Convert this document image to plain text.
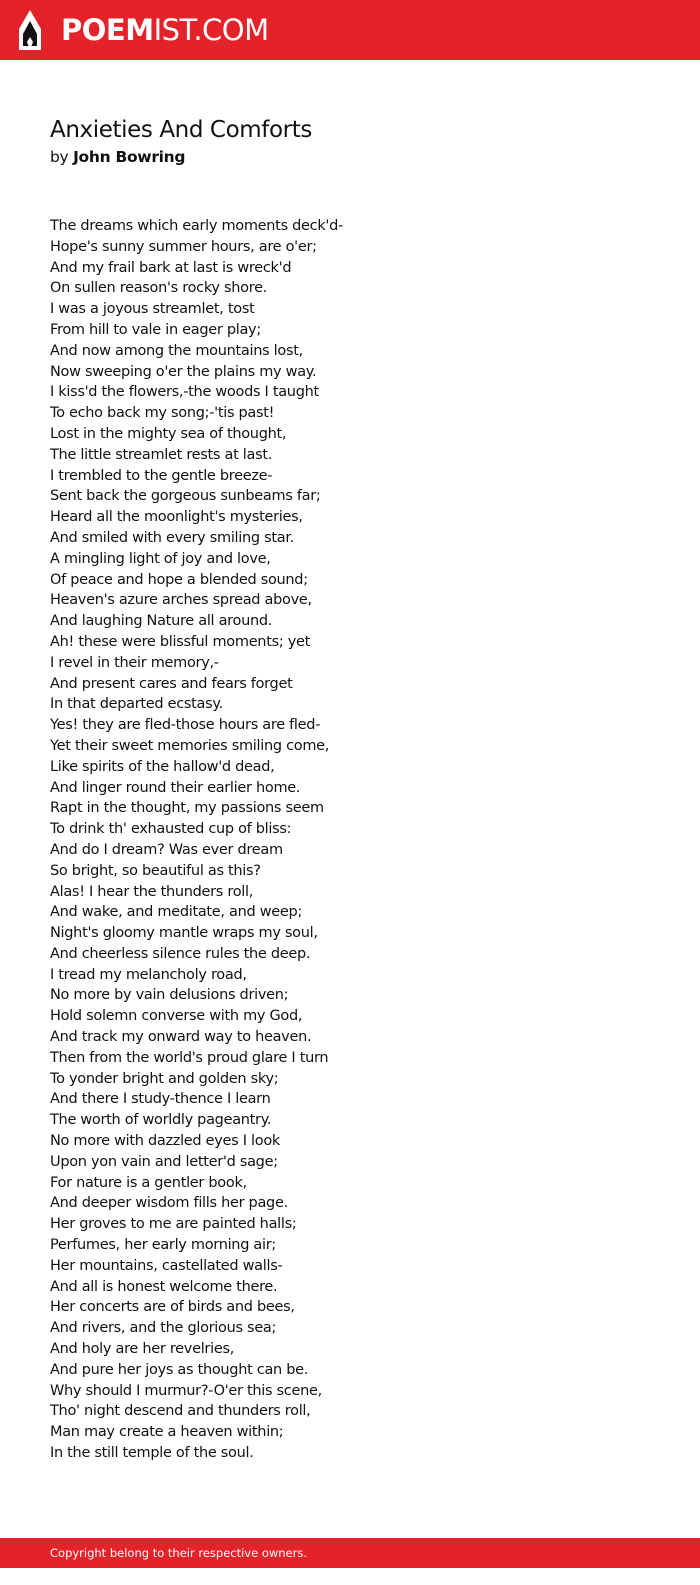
POEMIST.COM
Anxieties And Comforts
by John Bowring
The dreams which early moments deck'd-
Hope's sunny summer hours, are o'er;
And my frail bark at last is wreck'd
On sullen reason's rocky shore.
I was a joyous streamlet, tost
From hill to vale in eager play;
And now among the mountains lost,
Now sweeping o'er the plains my way.
I kiss'd the flowers,-the woods I taught
To echo back my song;-'tis past!
Lost in the mighty sea of thought,
The little streamlet rests at last.
I trembled to the gentle breeze-
Sent back the gorgeous sunbeams far;
Heard all the moonlight's mysteries,
And smiled with every smiling star.
A mingling light of joy and love,
Of peace and hope a blended sound;
Heaven's azure arches spread above,
And laughing Nature all around.
Ah! these were blissful moments; yet
I revel in their memory,-
And present cares and fears forget
In that departed ecstasy.
Yes! they are fled-those hours are fled-
Yet their sweet memories smiling come,
Like spirits of the hallow'd dead,
And linger round their earlier home.
Rapt in the thought, my passions seem
To drink th' exhausted cup of bliss:
And do I dream? Was ever dream
So bright, so beautiful as this?
Alas! I hear the thunders roll,
And wake, and meditate, and weep;
Night's gloomy mantle wraps my soul,
And cheerless silence rules the deep.
I tread my melancholy road,
No more by vain delusions driven;
Hold solemn converse with my God,
And track my onward way to heaven.
Then from the world's proud glare I turn
To yonder bright and golden sky;
And there I study-thence I learn
The worth of worldly pageantry.
No more with dazzled eyes I look
Upon yon vain and letter'd sage;
For nature is a gentler book,
And deeper wisdom fills her page.
Her groves to me are painted halls;
Perfumes, her early morning air;
Her mountains, castellated walls-
And all is honest welcome there.
Her concerts are of birds and bees,
And rivers, and the glorious sea;
And holy are her revelries,
And pure her joys as thought can be.
Why should I murmur?-O'er this scene,
Tho' night descend and thunders roll,
Man may create a heaven within;
In the still temple of the soul.
Copyright belong to their respective owners.
